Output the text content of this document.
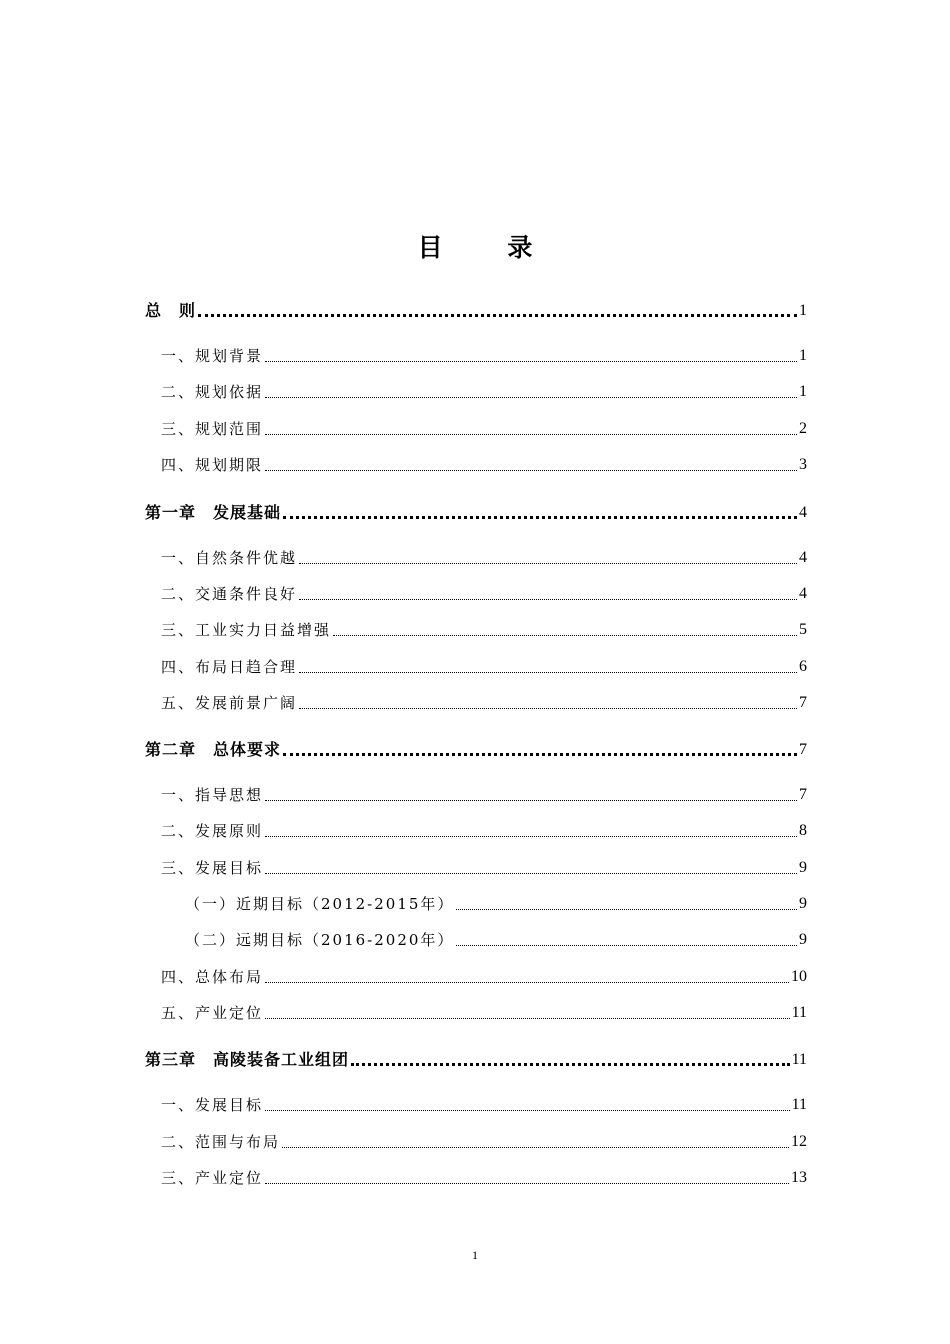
目 录
总　则	1
一、规划背景	1
二、规划依据	1
三、规划范围	2
四、规划期限	3
第一章　发展基础	4
一、自然条件优越	4
二、交通条件良好	4
三、工业实力日益增强	5
四、布局日趋合理	6
五、发展前景广阔	7
第二章　总体要求	7
一、指导思想	7
二、发展原则	8
三、发展目标	9
（一）近期目标（2012-2015年）	9
（二）远期目标（2016-2020年）	9
四、总体布局	10
五、产业定位	11
第三章　高陵装备工业组团	11
一、发展目标	11
二、范围与布局	12
三、产业定位	13
1
